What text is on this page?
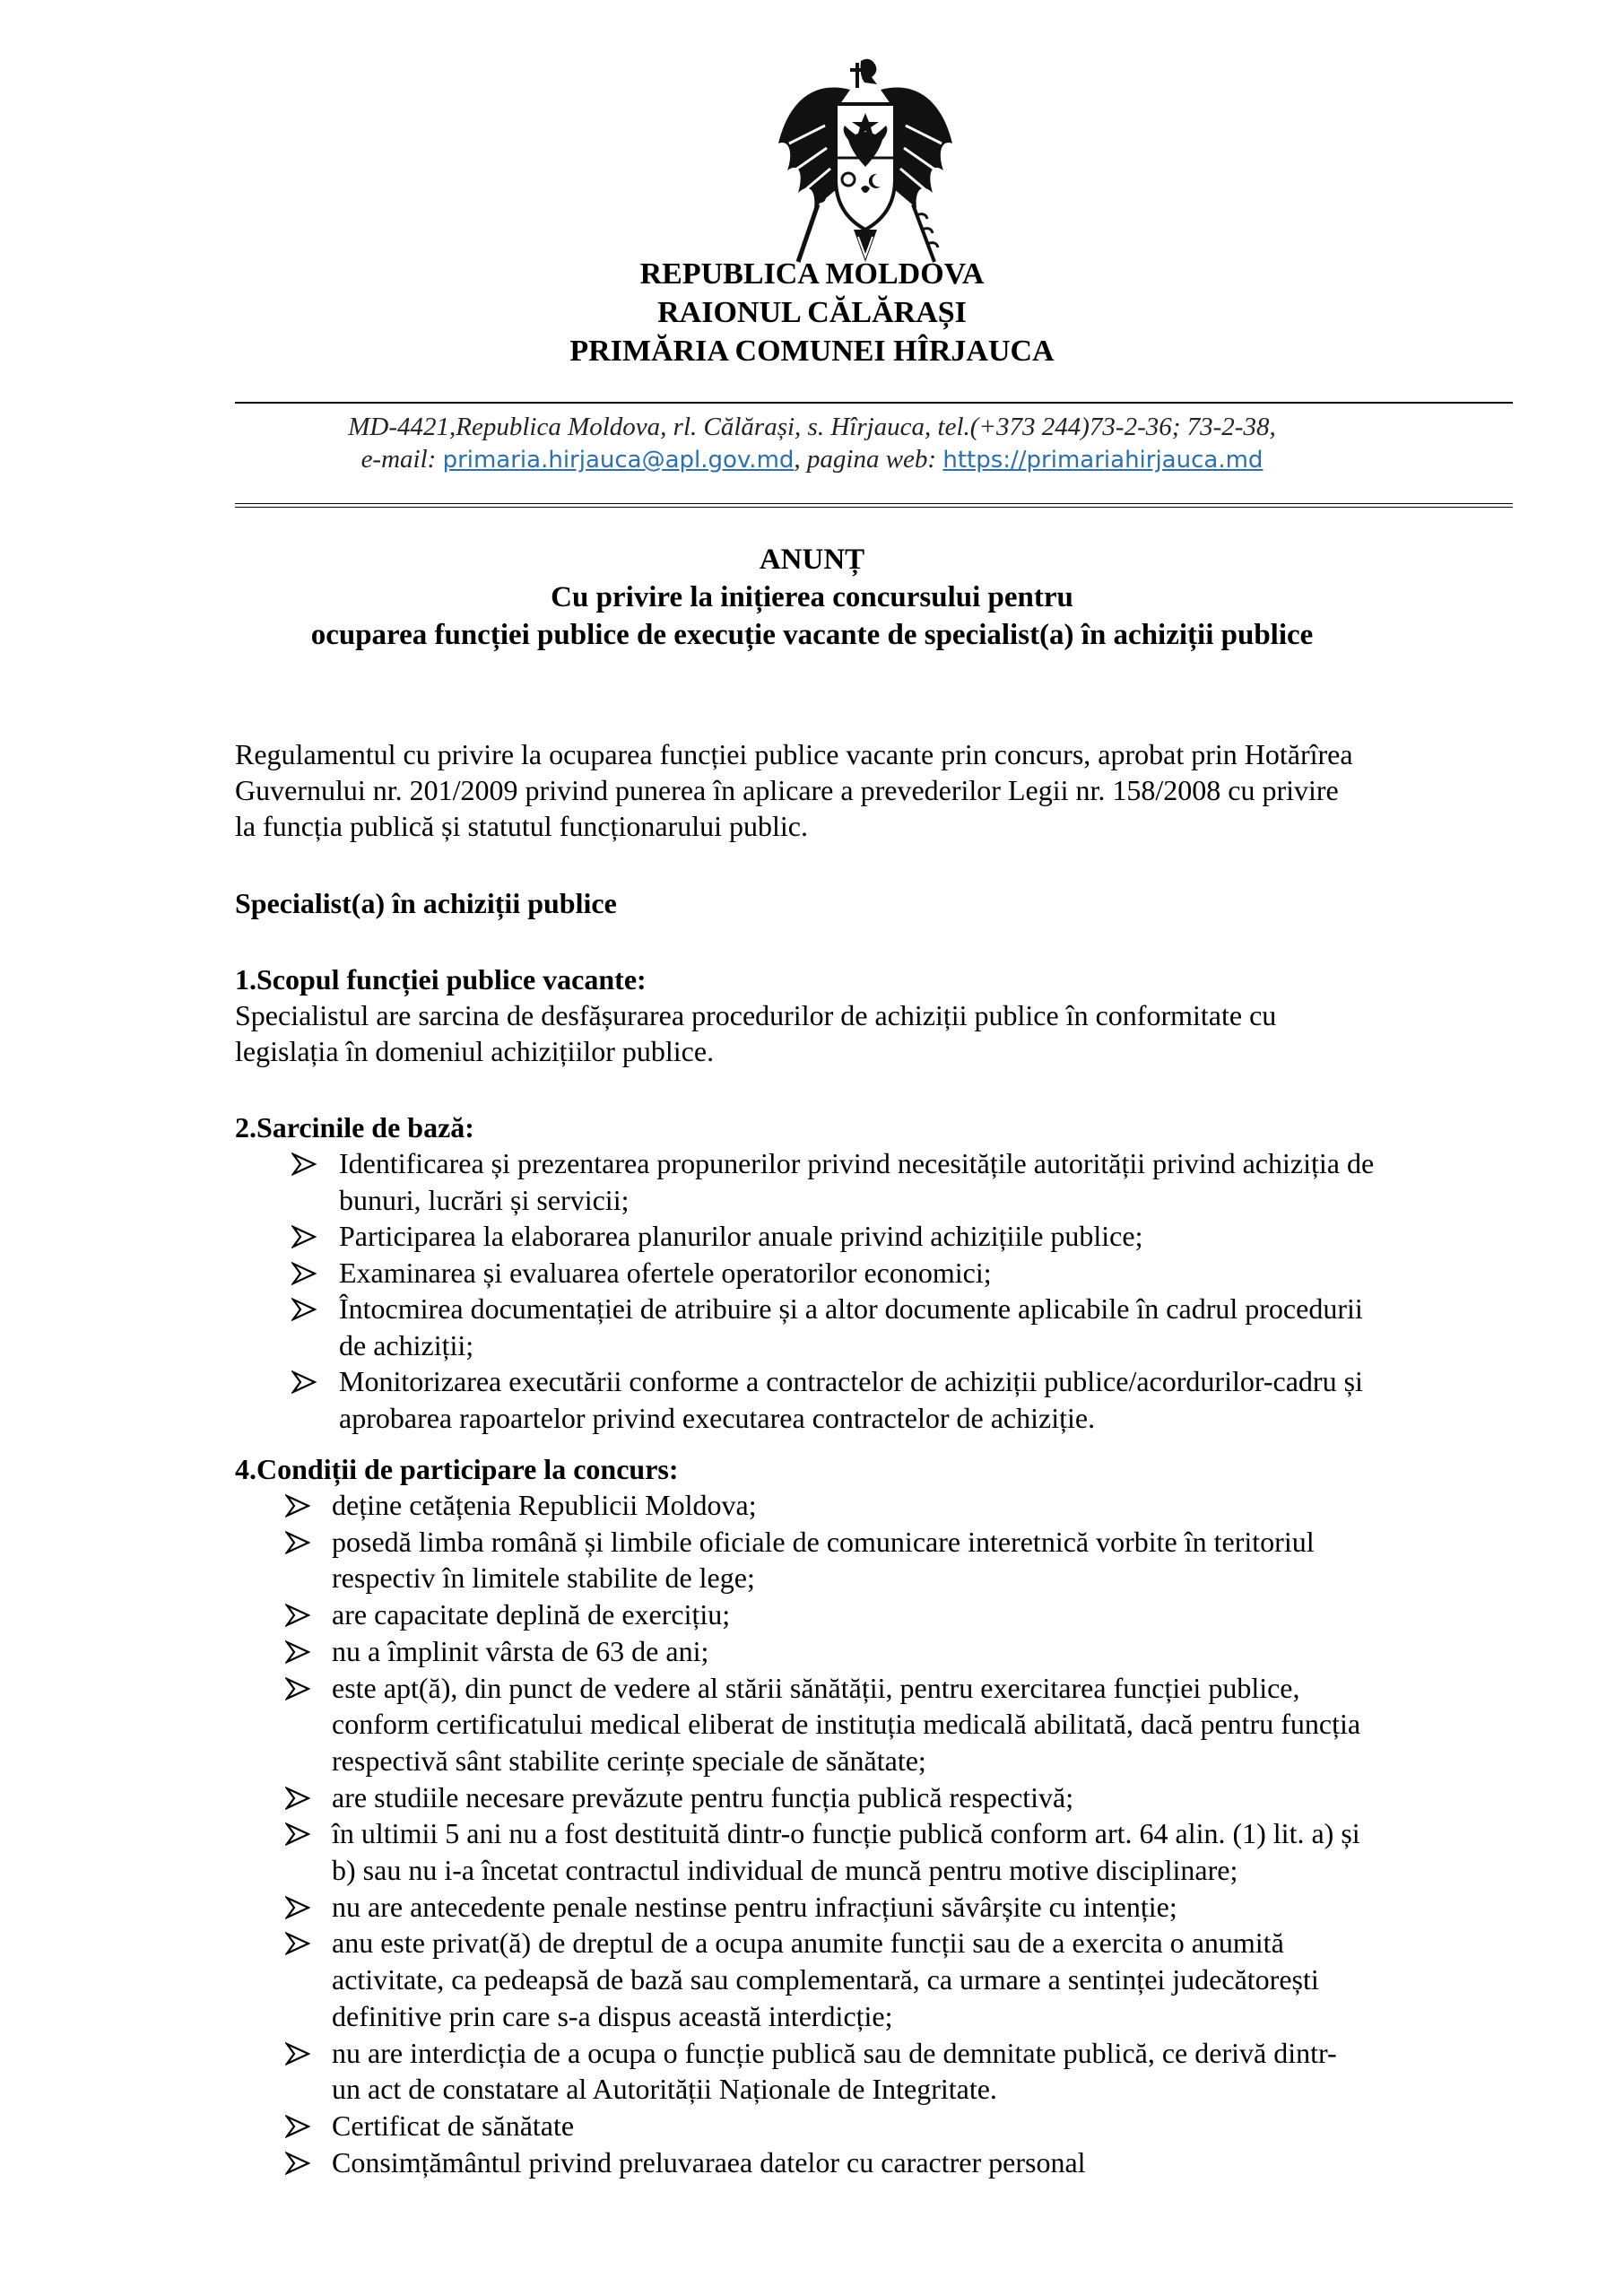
REPUBLICA MOLDOVA
RAIONUL CĂLĂRAȘI
PRIMĂRIA COMUNEI HÎRJAUCA
MD-4421,Republica Moldova, rl. Călărași, s. Hîrjauca, tel.(+373 244)73-2-36; 73-2-38,
e-mail: primaria.hirjauca@apl.gov.md, pagina web: https://primariahirjauca.md
ANUNȚ
Cu privire la inițierea concursului pentru
ocuparea funcției publice de execuție vacante de specialist(a) în achiziții publice
Regulamentul cu privire la ocuparea funcției publice vacante prin concurs, aprobat prin Hotărîrea
Guvernului nr. 201/2009 privind punerea în aplicare a prevederilor Legii nr. 158/2008 cu privire
la funcția publică și statutul funcționarului public.
Specialist(a) în achiziții publice
1.Scopul funcției publice vacante:
Specialistul are sarcina de desfășurarea procedurilor de achiziții publice în conformitate cu
legislația în domeniul achizițiilor publice.
2.Sarcinile de bază:
Identificarea și prezentarea propunerilor privind necesitățile autorității privind achiziția de
bunuri, lucrări și servicii;
Participarea la elaborarea planurilor anuale privind achizițiile publice;
Examinarea și evaluarea ofertele operatorilor economici;
Întocmirea documentației de atribuire și a altor documente aplicabile în cadrul procedurii
de achiziții;
Monitorizarea executării conforme a contractelor de achiziții publice/acordurilor-cadru și
aprobarea rapoartelor privind executarea contractelor de achiziție.
4.Condiții de participare la concurs:
deține cetățenia Republicii Moldova;
posedă limba română și limbile oficiale de comunicare interetnică vorbite în teritoriul
respectiv în limitele stabilite de lege;
are capacitate deplină de exercițiu;
nu a împlinit vârsta de 63 de ani;
este apt(ă), din punct de vedere al stării sănătății, pentru exercitarea funcției publice,
conform certificatului medical eliberat de instituția medicală abilitată, dacă pentru funcția
respectivă sânt stabilite cerințe speciale de sănătate;
are studiile necesare prevăzute pentru funcția publică respectivă;
în ultimii 5 ani nu a fost destituită dintr-o funcție publică conform art. 64 alin. (1) lit. a) și
b) sau nu i-a încetat contractul individual de muncă pentru motive disciplinare;
nu are antecedente penale nestinse pentru infracțiuni săvârșite cu intenție;
anu este privat(ă) de dreptul de a ocupa anumite funcții sau de a exercita o anumită
activitate, ca pedeapsă de bază sau complementară, ca urmare a sentinței judecătorești
definitive prin care s-a dispus această interdicție;
nu are interdicția de a ocupa o funcție publică sau de demnitate publică, ce derivă dintr-
un act de constatare al Autorității Naționale de Integritate.
Certificat de sănătate
Consimțământul privind preluvaraea datelor cu caractrer personal
